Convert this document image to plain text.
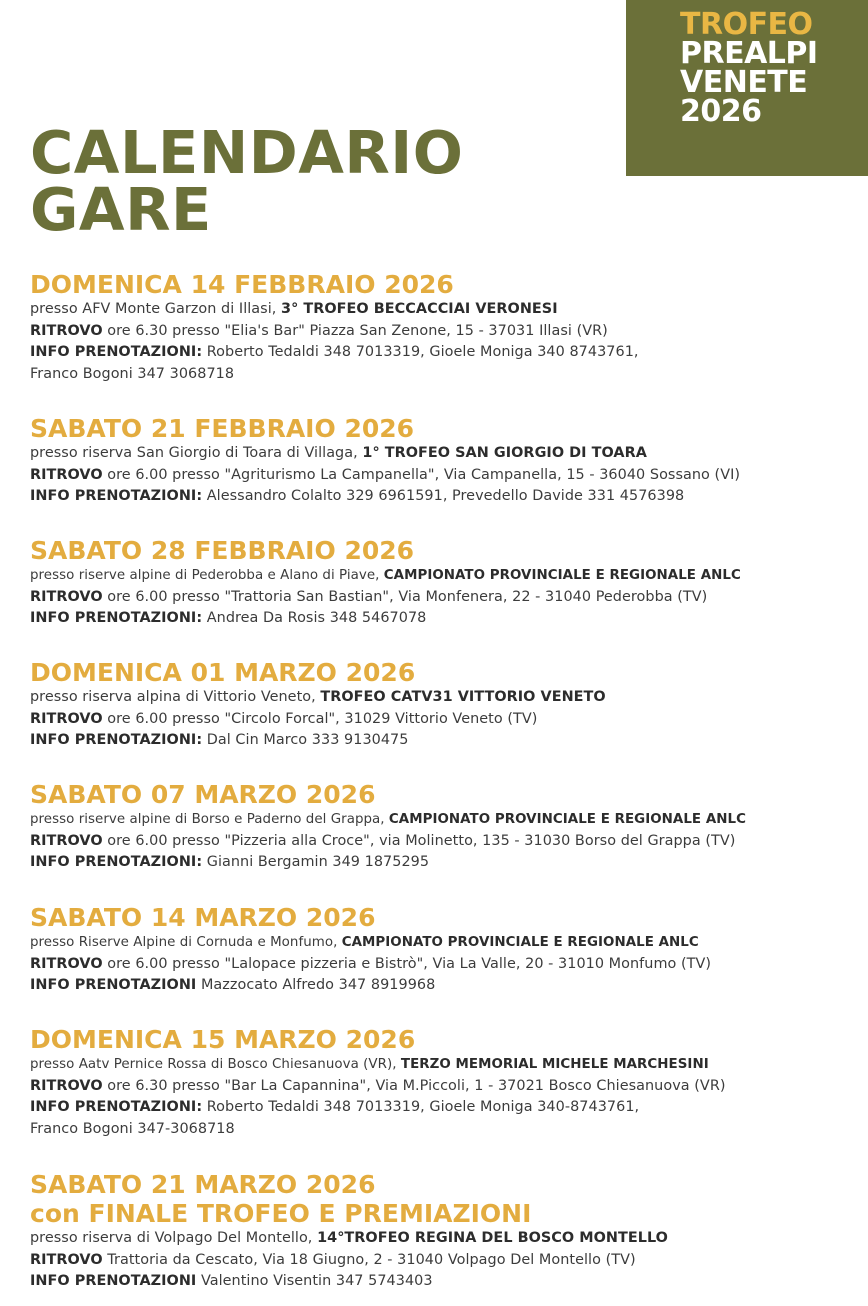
TROFEO
PREALPI
VENETE
2026
CALENDARIO
GARE
DOMENICA 14 FEBBRAIO 2026
presso AFV Monte Garzon di Illasi, 3° TROFEO BECCACCIAI VERONESI
RITROVO ore 6.30 presso "Elia's Bar" Piazza San Zenone, 15 - 37031 Illasi (VR)
INFO PRENOTAZIONI: Roberto Tedaldi 348 7013319, Gioele Moniga 340 8743761,
Franco Bogoni 347 3068718
SABATO 21 FEBBRAIO 2026
presso riserva San Giorgio di Toara di Villaga, 1° TROFEO SAN GIORGIO DI TOARA
RITROVO ore 6.00 presso "Agriturismo La Campanella", Via Campanella, 15 - 36040 Sossano (VI)
INFO PRENOTAZIONI: Alessandro Colalto 329 6961591, Prevedello Davide 331 4576398
SABATO 28 FEBBRAIO 2026
presso riserve alpine di Pederobba e Alano di Piave, CAMPIONATO PROVINCIALE E REGIONALE ANLC
RITROVO ore 6.00 presso "Trattoria San Bastian", Via Monfenera, 22 - 31040 Pederobba (TV)
INFO PRENOTAZIONI: Andrea Da Rosis 348 5467078
DOMENICA 01 MARZO 2026
presso riserva alpina di Vittorio Veneto, TROFEO CATV31 VITTORIO VENETO
RITROVO ore 6.00 presso "Circolo Forcal", 31029 Vittorio Veneto (TV)
INFO PRENOTAZIONI: Dal Cin Marco 333 9130475
SABATO 07 MARZO 2026
presso riserve alpine di Borso e Paderno del Grappa, CAMPIONATO PROVINCIALE E REGIONALE ANLC
RITROVO ore 6.00 presso "Pizzeria alla Croce", via Molinetto, 135 - 31030 Borso del Grappa (TV)
INFO PRENOTAZIONI: Gianni Bergamin 349 1875295
SABATO 14 MARZO 2026
presso Riserve Alpine di Cornuda e Monfumo, CAMPIONATO PROVINCIALE E REGIONALE ANLC
RITROVO ore 6.00 presso "Lalopace pizzeria e Bistrò", Via La Valle, 20 - 31010 Monfumo (TV)
INFO PRENOTAZIONI Mazzocato Alfredo 347 8919968
DOMENICA 15 MARZO 2026
presso Aatv Pernice Rossa di Bosco Chiesanuova (VR), TERZO MEMORIAL MICHELE MARCHESINI
RITROVO ore 6.30 presso "Bar La Capannina", Via M.Piccoli, 1 - 37021 Bosco Chiesanuova (VR)
INFO PRENOTAZIONI: Roberto Tedaldi 348 7013319, Gioele Moniga 340-8743761,
Franco Bogoni 347-3068718
SABATO 21 MARZO 2026
con FINALE TROFEO E PREMIAZIONI
presso riserva di Volpago Del Montello, 14°TROFEO REGINA DEL BOSCO MONTELLO
RITROVO Trattoria da Cescato, Via 18 Giugno, 2 - 31040 Volpago Del Montello (TV)
INFO PRENOTAZIONI Valentino Visentin 347 5743403
